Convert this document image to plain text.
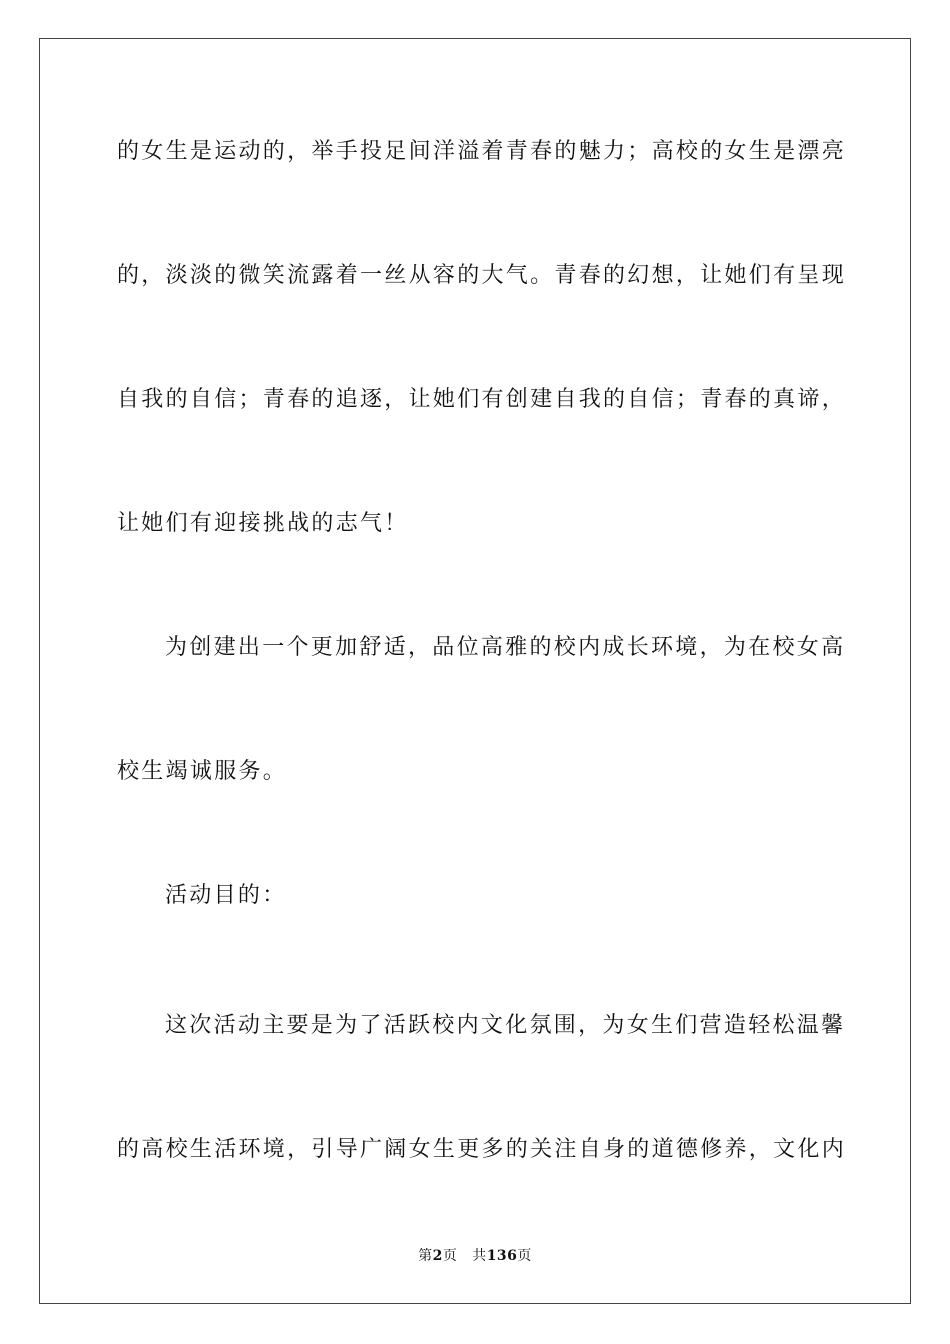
的女生是运动的，举手投足间洋溢着青春的魅力；高校的女生是漂亮
的，淡淡的微笑流露着一丝从容的大气。青春的幻想，让她们有呈现
自我的自信；青春的追逐，让她们有创建自我的自信；青春的真谛，
让她们有迎接挑战的志气！
为创建出一个更加舒适，品位高雅的校内成长环境，为在校女高
校生竭诚服务。
活动目的：
这次活动主要是为了活跃校内文化氛围，为女生们营造轻松温馨
的高校生活环境，引导广阔女生更多的关注自身的道德修养，文化内
第2页 共136页
